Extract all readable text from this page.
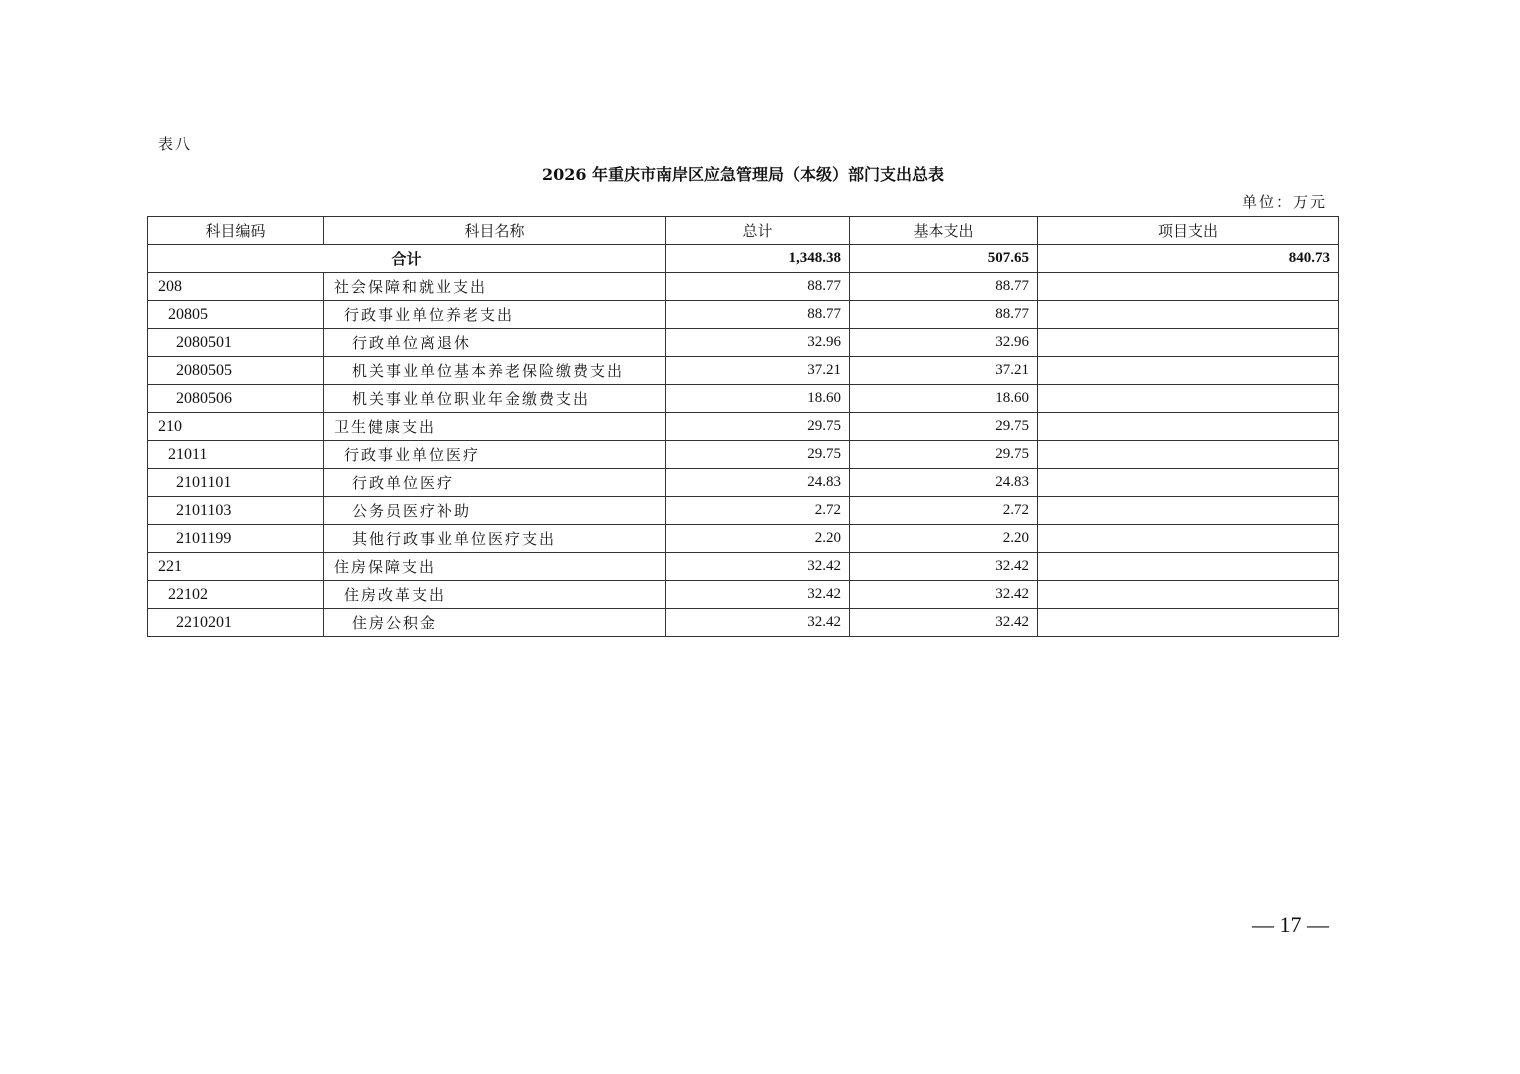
表八
2026 年重庆市南岸区应急管理局（本级）部门支出总表
单位：万元
科目编码	科目名称	总计	基本支出	项目支出
合计		1,348.38	507.65	840.73
208	社会保障和就业支出	88.77	88.77	
20805	行政事业单位养老支出	88.77	88.77	
2080501	行政单位离退休	32.96	32.96	
2080505	机关事业单位基本养老保险缴费支出	37.21	37.21	
2080506	机关事业单位职业年金缴费支出	18.60	18.60	
210	卫生健康支出	29.75	29.75	
21011	行政事业单位医疗	29.75	29.75	
2101101	行政单位医疗	24.83	24.83	
2101103	公务员医疗补助	2.72	2.72	
2101199	其他行政事业单位医疗支出	2.20	2.20	
221	住房保障支出	32.42	32.42	
22102	住房改革支出	32.42	32.42	
2210201	住房公积金	32.42	32.42	
— 17 —
